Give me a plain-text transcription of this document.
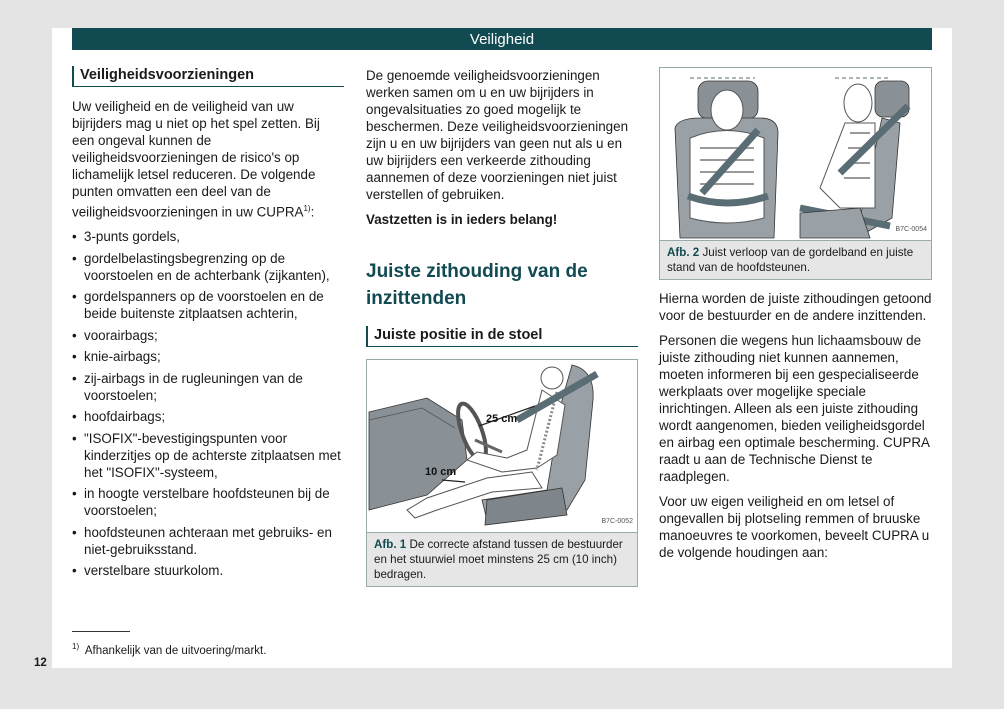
Veiligheid
Veiligheidsvoorzieningen

Uw veiligheid en de veiligheid van uw bijrijders mag u niet op het spel zetten. Bij een ongeval kunnen de veiligheidsvoorzieningen de risico's op lichamelijk letsel reduceren. De volgende punten omvatten een deel van de veiligheidsvoorzieningen in uw CUPRA$^{1)}$:

• 3-punts gordels,
• gordelbelastingsbegrenzing op de voorstoelen en de achterbank (zijkanten),
• gordelspanners op de voorstoelen en de beide buitenste zitplaatsen achterin,
• voorairbags;
• knie-airbags;
• zij-airbags in de rugleuningen van de voorstoelen;
• hoofdairbags;
• "ISOFIX"-bevestigingspunten voor kinderzitjes op de achterste zitplaatsen met het "ISOFIX"-systeem,
• in hoogte verstelbare hoofdsteunen bij de voorstoelen;
• hoofdsteunen achteraan met gebruiks- en niet-gebruiksstand.
• verstelbare stuurkolom.

De genoemde veiligheidsvoorzieningen werken samen om u en uw bijrijders in ongevalsituaties zo goed mogelijk te beschermen. Deze veiligheidsvoorzieningen zijn u en uw bijrijders van geen nut als u en uw bijrijders een verkeerde zithouding aannemen of deze voorzieningen niet juist verstellen of gebruiken.

Vastzetten is in ieders belang!

Juiste zithouding van de inzittenden
Juiste positie in de stoel
25 cm
10 cm
B7C-0052
Afb. 1 De correcte afstand tussen de bestuurder en het stuurwiel moet minstens 25 cm (10 inch) bedragen.
B7C-0054
Afb. 2 Juist verloop van de gordelband en juiste stand van de hoofdsteunen.

Hierna worden de juiste zithoudingen getoond voor de bestuurder en de andere inzittenden.

Personen die wegens hun lichaamsbouw de juiste zithouding niet kunnen aannemen, moeten informeren bij een gespecialiseerde werkplaats over mogelijke speciale inrichtingen. Alleen als een juiste zithouding wordt aangenomen, bieden veiligheidsgordel en airbag een optimale bescherming. CUPRA raadt u aan de Technische Dienst te raadplegen.

Voor uw eigen veiligheid en om letsel of ongevallen bij plotseling remmen of bruuske manoeuvres te voorkomen, beveelt CUPRA u de volgende houdingen aan:

$^{1)}$ Afhankelijk van de uitvoering/markt.
12
